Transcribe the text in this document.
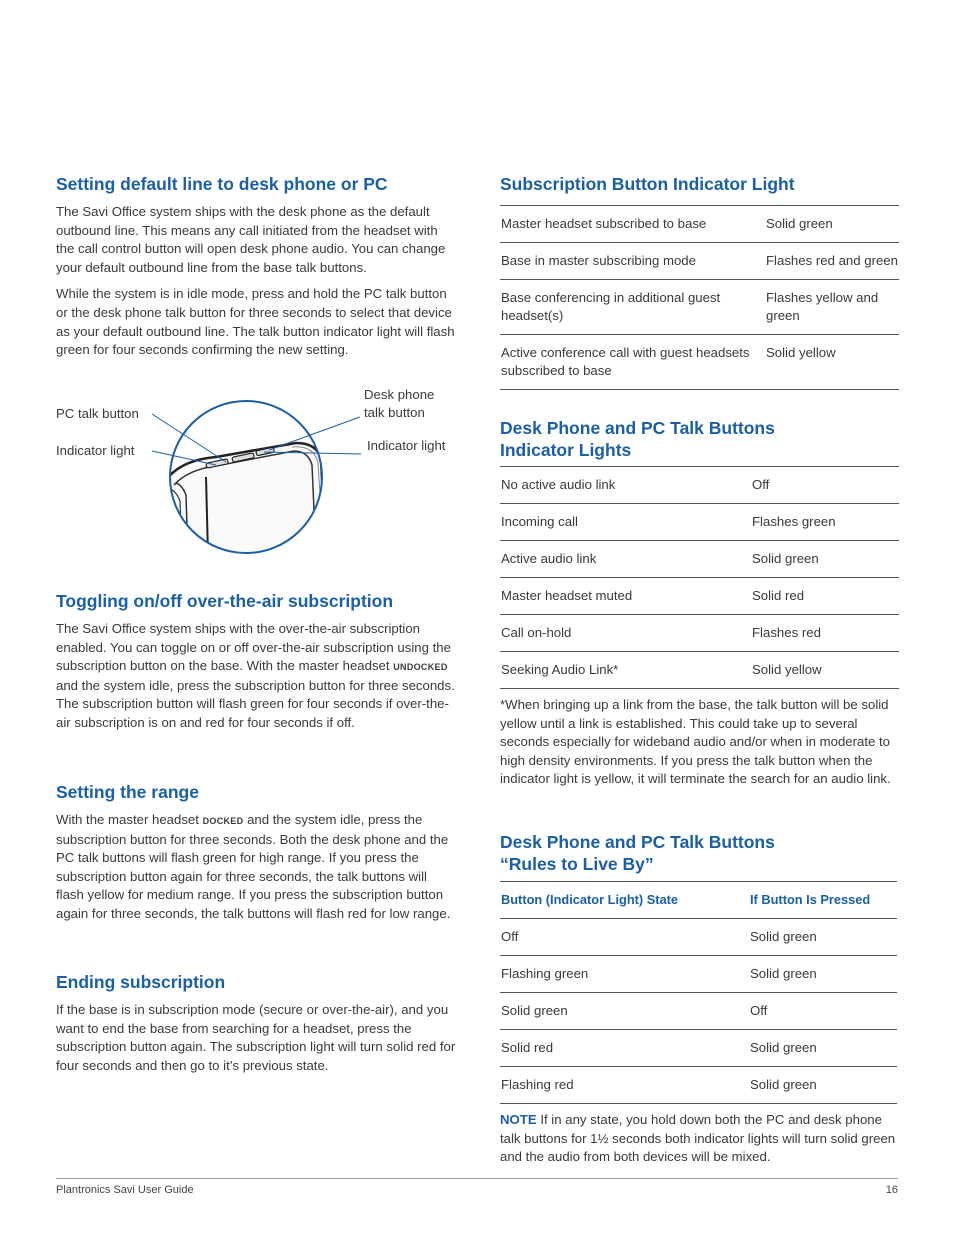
Setting default line to desk phone or PC

The Savi Office system ships with the desk phone as the default outbound line. This means any call initiated from the headset with the call control button will open desk phone audio. You can change your default outbound line from the base talk buttons.

While the system is in idle mode, press and hold the PC talk button or the desk phone talk button for three seconds to select that device as your default outbound line. The talk button indicator light will flash green for four seconds confirming the new setting.

PC talk button
Indicator light
Desk phone talk button
Indicator light
Toggling on/off over-the-air subscription

The Savi Office system ships with the over-the-air subscription enabled. You can toggle on or off over-the-air subscription using the subscription button on the base. With the master headset UNDOCKED and the system idle, press the subscription button for three seconds. The subscription button will flash green for four seconds if over-the-air subscription is on and red for four seconds if off.

Setting the range

With the master headset DOCKED and the system idle, press the subscription button for three seconds. Both the desk phone and the PC talk buttons will flash green for high range. If you press the subscription button again for three seconds, the talk buttons will flash yellow for medium range. If you press the subscription button again for three seconds, the talk buttons will flash red for low range.

Ending subscription

If the base is in subscription mode (secure or over-the-air), and you want to end the base from searching for a headset, press the subscription button again. The subscription light will turn solid red for four seconds and then go to it’s previous state.

Subscription Button Indicator Light
Master headset subscribed to base	Solid green
Base in master subscribing mode	Flashes red and green
Base conferencing in additional guest headset(s)	Flashes yellow and green
Active conference call with guest headsets subscribed to base	Solid yellow
Desk Phone and PC Talk Buttons
Indicator Lights
No active audio link	Off
Incoming call	Flashes green
Active audio link	Solid green
Master headset muted	Solid red
Call on-hold	Flashes red
Seeking Audio Link*	Solid yellow

*When bringing up a link from the base, the talk button will be solid yellow until a link is established. This could take up to several seconds especially for wideband audio and/or when in moderate to high density environments. If you press the talk button when the indicator light is yellow, it will terminate the search for an audio link.

Desk Phone and PC Talk Buttons
“Rules to Live By”
Button (Indicator Light) State	If Button Is Pressed
Off	Solid green
Flashing green	Solid green
Solid green	Off
Solid red	Solid green
Flashing red	Solid green

NOTE If in any state, you hold down both the PC and desk phone talk buttons for 1½ seconds both indicator lights will turn solid green and the audio from both devices will be mixed.

Plantronics Savi User Guide	16
